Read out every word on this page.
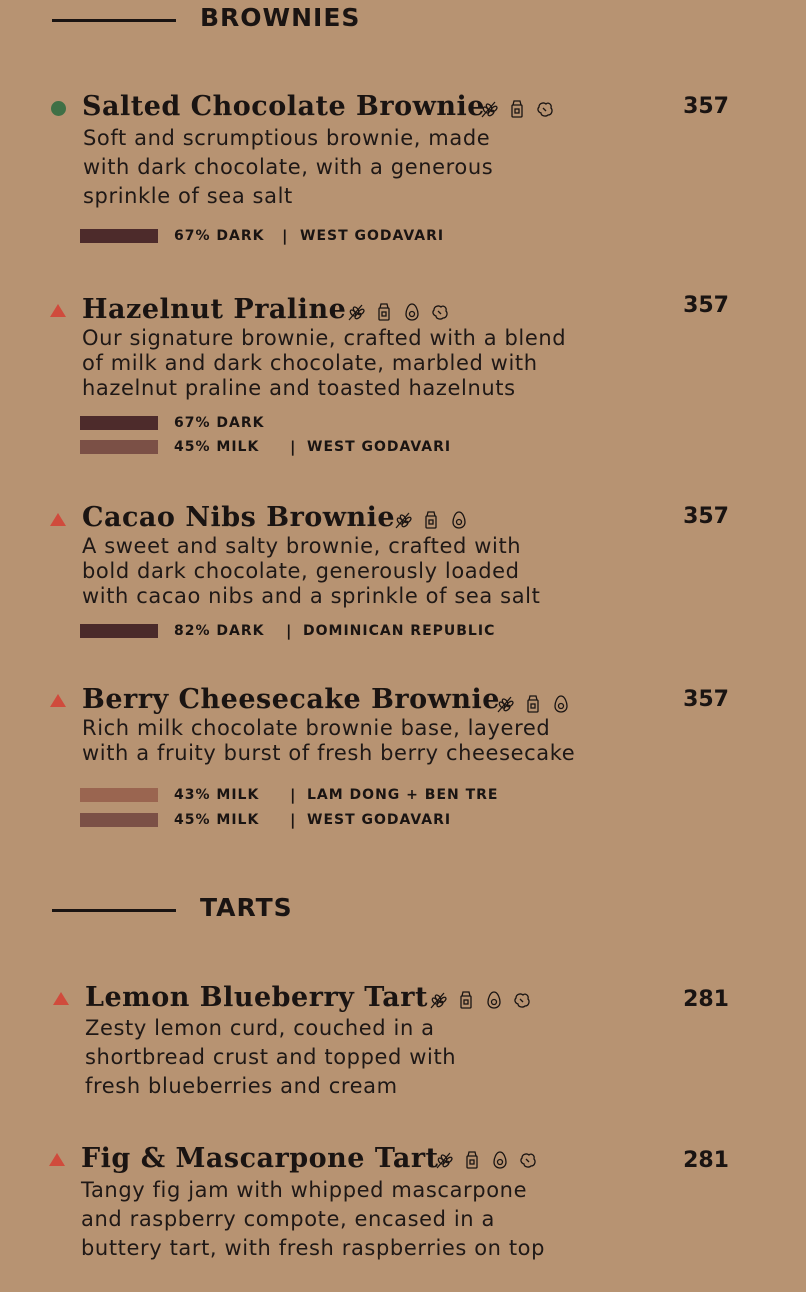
BROWNIES
Salted Chocolate Brownie	357
Soft and scrumptious brownie, made
with dark chocolate, with a generous
sprinkle of sea salt
67% DARK | WEST GODAVARI
Hazelnut Praline	357
Our signature brownie, crafted with a blend
of milk and dark chocolate, marbled with
hazelnut praline and toasted hazelnuts
67% DARK
45% MILK | WEST GODAVARI
Cacao Nibs Brownie	357
A sweet and salty brownie, crafted with
bold dark chocolate, generously loaded
with cacao nibs and a sprinkle of sea salt
82% DARK | DOMINICAN REPUBLIC
Berry Cheesecake Brownie	357
Rich milk chocolate brownie base, layered
with a fruity burst of fresh berry cheesecake
43% MILK | LAM DONG + BEN TRE
45% MILK | WEST GODAVARI
TARTS
Lemon Blueberry Tart	281
Zesty lemon curd, couched in a
shortbread crust and topped with
fresh blueberries and cream
Fig & Mascarpone Tart	281
Tangy fig jam with whipped mascarpone
and raspberry compote, encased in a
buttery tart, with fresh raspberries on top
